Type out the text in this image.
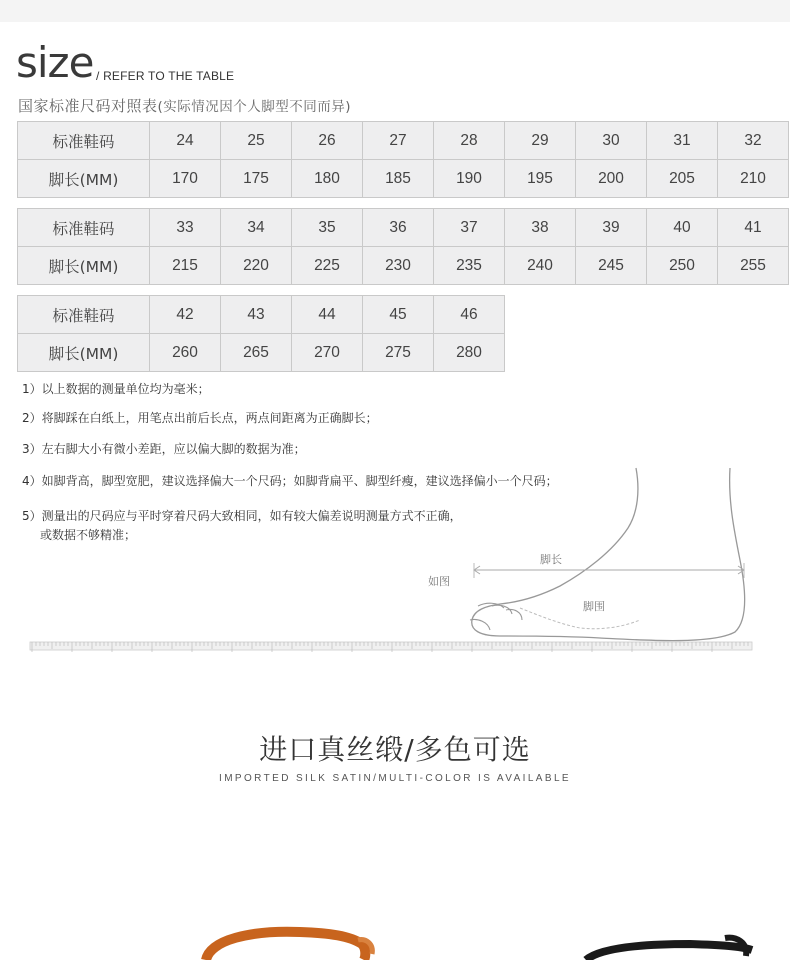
size / REFER TO THE TABLE
国家标准尺码对照表(实际情况因个人脚型不同而异)
标准鞋码	24	25	26	27	28	29	30	31	32
脚长(MM)	170	175	180	185	190	195	200	205	210
标准鞋码	33	34	35	36	37	38	39	40	41
脚长(MM)	215	220	225	230	235	240	245	250	255
标准鞋码	42	43	44	45	46
脚长(MM)	260	265	270	275	280
1）以上数据的测量单位均为毫米；
2）将脚踩在白纸上，用笔点出前后长点，两点间距离为正确脚长；
3）左右脚大小有微小差距，应以偏大脚的数据为准；
4）如脚背高，脚型宽肥，建议选择偏大一个尺码；如脚背扁平、脚型纤瘦，建议选择偏小一个尺码；
5）测量出的尺码应与平时穿着尺码大致相同，如有较大偏差说明测量方式不正确，
或数据不够精准；
脚长
脚围
如图
进口真丝缎/多色可选
IMPORTED SILK SATIN/MULTI-COLOR IS AVAILABLE
